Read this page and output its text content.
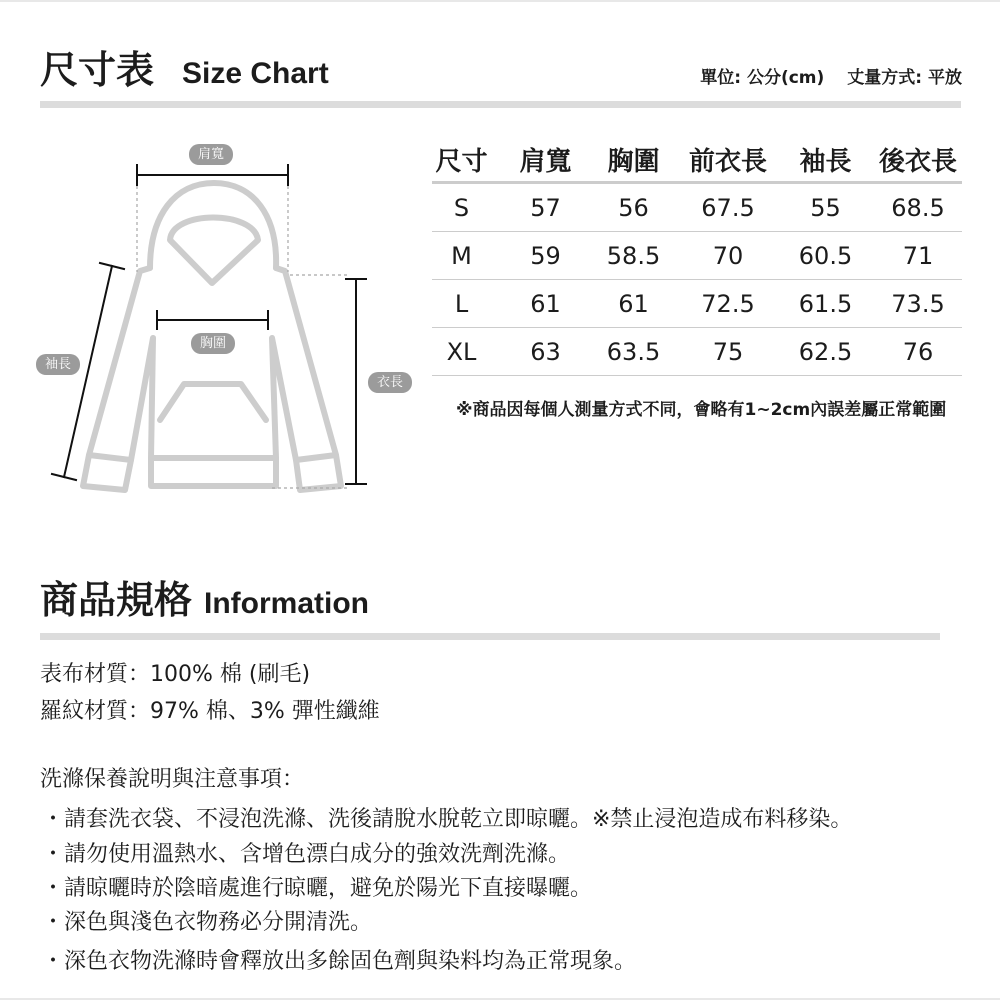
尺寸表 Size Chart	單位: 公分(cm) 丈量方式: 平放
肩寬
胸圍
袖長
衣長
尺寸	肩寬	胸圍	前衣長	袖長	後衣長
S	57	56	67.5	55	68.5
M	59	58.5	70	60.5	71
L	61	61	72.5	61.5	73.5
XL	63	63.5	75	62.5	76
※商品因每個人測量方式不同，會略有1~2cm內誤差屬正常範圍
商品規格 Information
表布材質：100% 棉 (刷毛)
羅紋材質：97% 棉、3% 彈性纖維
洗滌保養說明與注意事項：
・請套洗衣袋、不浸泡洗滌、洗後請脫水脫乾立即晾曬。※禁止浸泡造成布料移染。
・請勿使用溫熱水、含增色漂白成分的強效洗劑洗滌。
・請晾曬時於陰暗處進行晾曬，避免於陽光下直接曝曬。
・深色與淺色衣物務必分開清洗。
・深色衣物洗滌時會釋放出多餘固色劑與染料均為正常現象。
